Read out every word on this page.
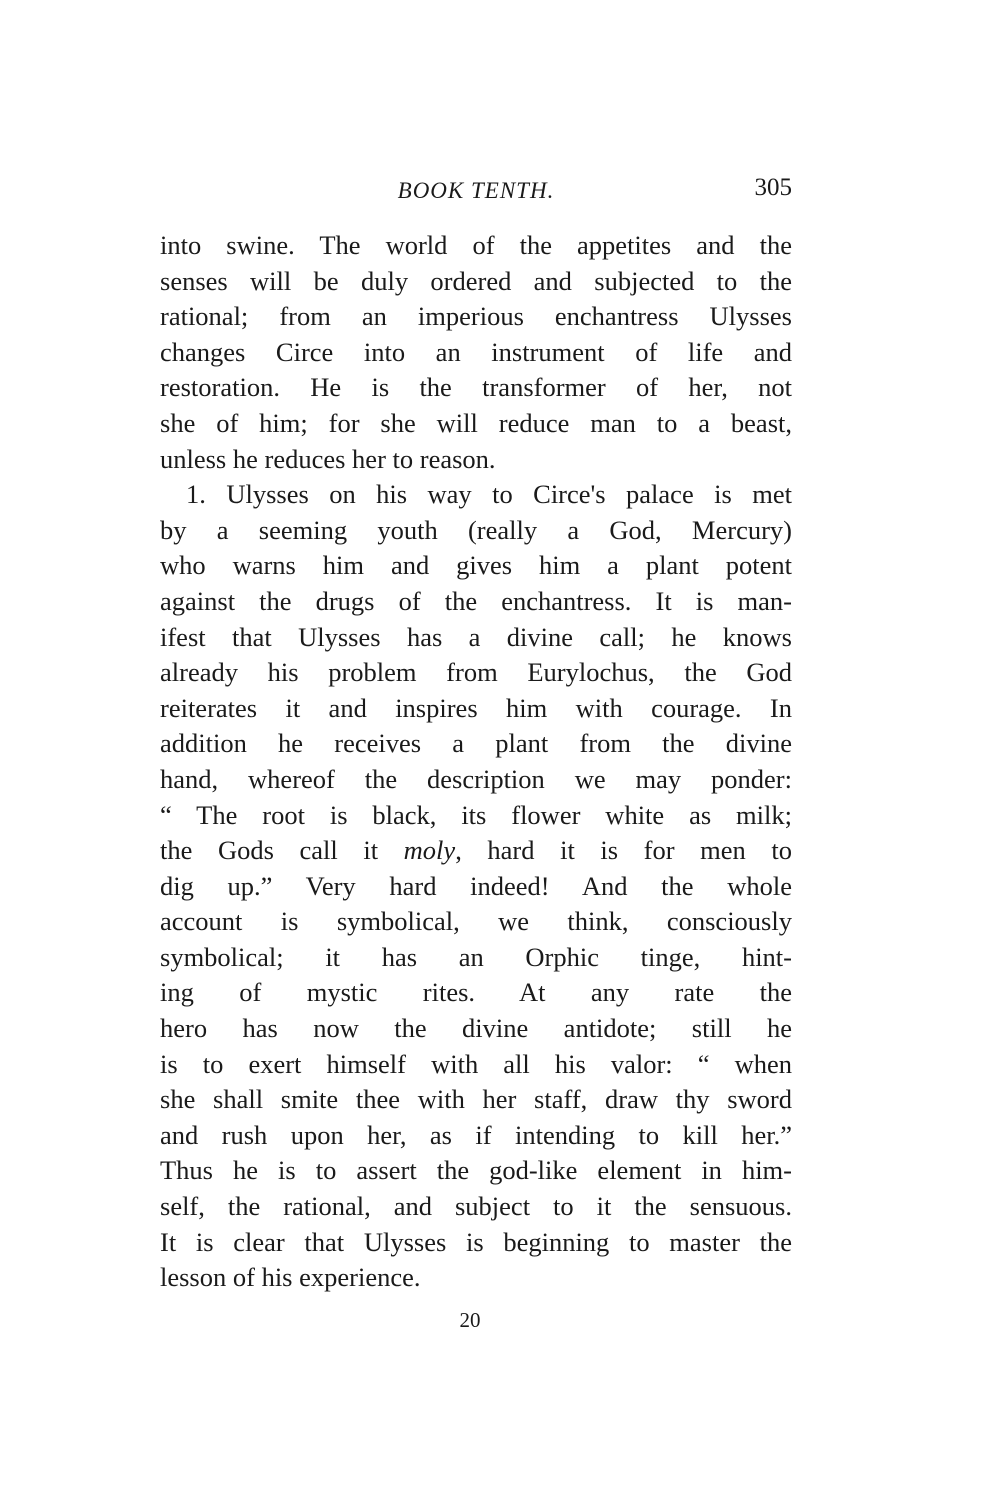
BOOK TENTH.	305
into swine. The world of the appetites and the
senses will be duly ordered and subjected to the
rational; from an imperious enchantress Ulysses
changes Circe into an instrument of life and
restoration. He is the transformer of her, not
she of him; for she will reduce man to a beast,
unless he reduces her to reason.
1. Ulysses on his way to Circe's palace is met
by a seeming youth (really a God, Mercury)
who warns him and gives him a plant potent
against the drugs of the enchantress. It is man-
ifest that Ulysses has a divine call; he knows
already his problem from Eurylochus, the God
reiterates it and inspires him with courage. In
addition he receives a plant from the divine
hand, whereof the description we may ponder:
“ The root is black, its flower white as milk;
the Gods call it moly, hard it is for men to
dig up.” Very hard indeed! And the whole
account is symbolical, we think, consciously
symbolical; it has an Orphic tinge, hint-
ing of mystic rites. At any rate the
hero has now the divine antidote; still he
is to exert himself with all his valor: “ when
she shall smite thee with her staff, draw thy sword
and rush upon her, as if intending to kill her.”
Thus he is to assert the god-like element in him-
self, the rational, and subject to it the sensuous.
It is clear that Ulysses is beginning to master the
lesson of his experience.
20
